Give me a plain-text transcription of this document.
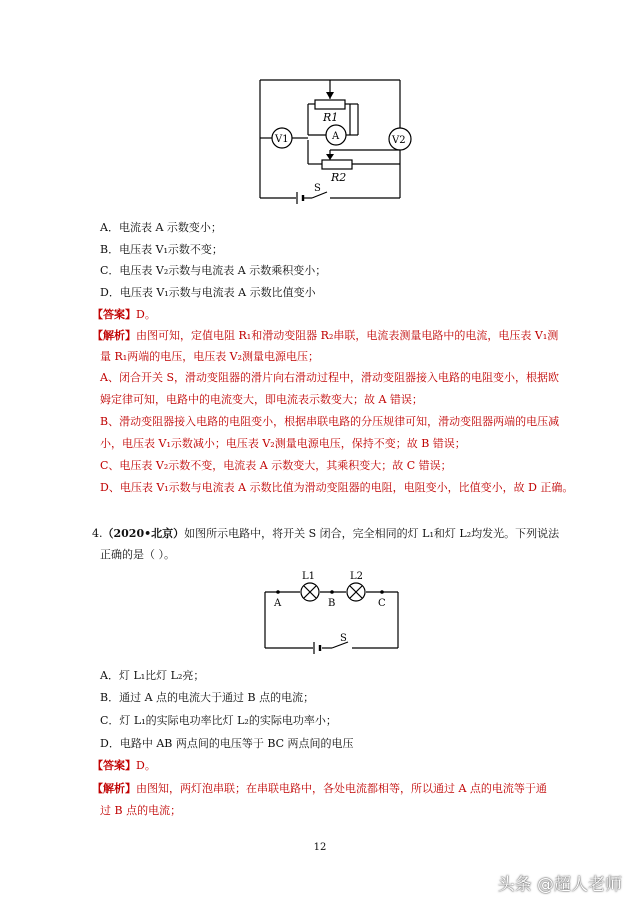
R1
A
V1	V2
R2
S
A．电流表 A 示数变小；
B．电压表 V₁示数不变；
C．电压表 V₂示数与电流表 A 示数乘积变小；
D．电压表 V₁示数与电流表 A 示数比值变小
【答案】D。
【解析】由图可知，定值电阻 R₁和滑动变阻器 R₂串联，电流表测量电路中的电流，电压表 V₁测
量 R₁两端的电压，电压表 V₂测量电源电压；
A、闭合开关 S，滑动变阻器的滑片向右滑动过程中，滑动变阻器接入电路的电阻变小，根据欧
姆定律可知，电路中的电流变大，即电流表示数变大；故 A 错误；
B、滑动变阻器接入电路的电阻变小，根据串联电路的分压规律可知，滑动变阻器两端的电压减
小，电压表 V₁示数减小；电压表 V₂测量电源电压，保持不变；故 B 错误；
C、电压表 V₂示数不变，电流表 A 示数变大，其乘积变大；故 C 错误；
D、电压表 V₁示数与电流表 A 示数比值为滑动变阻器的电阻，电阻变小，比值变小，故 D 正确。
4.（2020•北京）如图所示电路中，将开关 S 闭合，完全相同的灯 L₁和灯 L₂均发光。下列说法
正确的是（ ）。
L1	L2
A	B	C
S
A．灯 L₁比灯 L₂亮；
B．通过 A 点的电流大于通过 B 点的电流；
C．灯 L₁的实际电功率比灯 L₂的实际电功率小；
D．电路中 AB 两点间的电压等于 BC 两点间的电压
【答案】D。
【解析】由图知，两灯泡串联；在串联电路中，各处电流都相等，所以通过 A 点的电流等于通
过 B 点的电流；
12
头条 @超人老师
